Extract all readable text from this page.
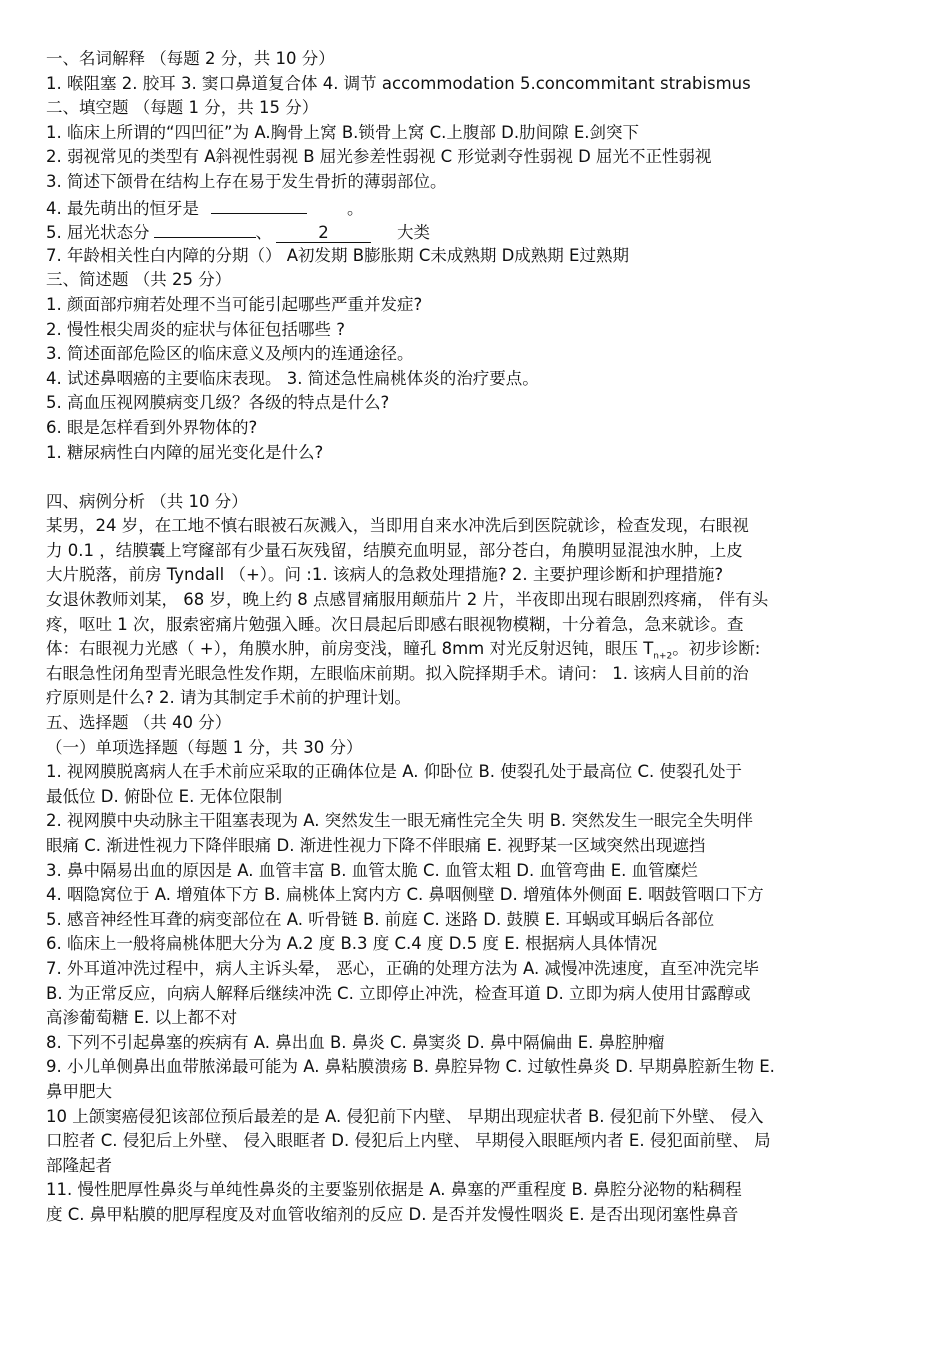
一、名词解释 （每题 2 分，共 10 分）
1. 喉阻塞 2. 胶耳 3. 窦口鼻道复合体 4. 调节 accommodation 5.concommitant strabismus
二、填空题 （每题 1 分，共 15 分）
1. 临床上所谓的“四凹征”为 A.胸骨上窝 B.锁骨上窝 C.上腹部 D.肋间隙 E.剑突下
2. 弱视常见的类型有 A斜视性弱视 B 屈光参差性弱视 C 形觉剥夺性弱视 D 屈光不正性弱视
3. 简述下颌骨在结构上存在易于发生骨折的薄弱部位。
4. 最先萌出的恒牙是	。
5. 屈光状态分	、	2	大类
7. 年龄相关性白内障的分期（） A初发期 B膨胀期 C未成熟期 D成熟期 E过熟期
三、简述题 （共 25 分）
1. 颜面部疖痈若处理不当可能引起哪些严重并发症?
2. 慢性根尖周炎的症状与体征包括哪些 ?
3. 简述面部危险区的临床意义及颅内的连通途径。
4. 试述鼻咽癌的主要临床表现。 3. 简述急性扁桃体炎的治疗要点。
5. 高血压视网膜病变几级？各级的特点是什么?
6. 眼是怎样看到外界物体的?
1. 糖尿病性白内障的屈光变化是什么?
四、病例分析 （共 10 分）
某男，24 岁，在工地不慎右眼被石灰溅入，当即用自来水冲洗后到医院就诊，检查发现，右眼视
力 0.1 ，结膜囊上穹窿部有少量石灰残留，结膜充血明显，部分苍白，角膜明显混浊水肿，上皮
大片脱落，前房 Tyndall （+）。问 :1. 该病人的急救处理措施? 2. 主要护理诊断和护理措施?
女退休教师刘某， 68 岁，晚上约 8 点感冒痛服用颠茄片 2 片，半夜即出现右眼剧烈疼痛， 伴有头
疼，呕吐 1 次，服索密痛片勉强入睡。次日晨起后即感右眼视物模糊，十分着急，急来就诊。查
体：右眼视力光感（ +），角膜水肿，前房变浅，瞳孔 8mm 对光反射迟钝，眼压 $T_{n+2}$。初步诊断:
右眼急性闭角型青光眼急性发作期，左眼临床前期。拟入院择期手术。请问： 1. 该病人目前的治
疗原则是什么? 2. 请为其制定手术前的护理计划。
五、选择题 （共 40 分）
（一）单项选择题（每题 1 分，共 30 分）
1. 视网膜脱离病人在手术前应采取的正确体位是 A. 仰卧位 B. 使裂孔处于最高位 C. 使裂孔处于
最低位 D. 俯卧位 E. 无体位限制
2. 视网膜中央动脉主干阻塞表现为 A. 突然发生一眼无痛性完全失 明 B. 突然发生一眼完全失明伴
眼痛 C. 渐进性视力下降伴眼痛 D. 渐进性视力下降不伴眼痛 E. 视野某一区域突然出现遮挡
3. 鼻中隔易出血的原因是 A. 血管丰富 B. 血管太脆 C. 血管太粗 D. 血管弯曲 E. 血管糜烂
4. 咽隐窝位于 A. 增殖体下方 B. 扁桃体上窝内方 C. 鼻咽侧壁 D. 增殖体外侧面 E. 咽鼓管咽口下方
5. 感音神经性耳聋的病变部位在 A. 听骨链 B. 前庭 C. 迷路 D. 鼓膜 E. 耳蜗或耳蜗后各部位
6. 临床上一般将扁桃体肥大分为 A.2 度 B.3 度 C.4 度 D.5 度 E. 根据病人具体情况
7. 外耳道冲洗过程中，病人主诉头晕， 恶心，正确的处理方法为 A. 减慢冲洗速度，直至冲洗完毕
B. 为正常反应，向病人解释后继续冲洗 C. 立即停止冲洗，检查耳道 D. 立即为病人使用甘露醇或
高渗葡萄糖 E. 以上都不对
8. 下列不引起鼻塞的疾病有 A. 鼻出血 B. 鼻炎 C. 鼻窦炎 D. 鼻中隔偏曲 E. 鼻腔肿瘤
9. 小儿单侧鼻出血带脓涕最可能为 A. 鼻粘膜溃疡 B. 鼻腔异物 C. 过敏性鼻炎 D. 早期鼻腔新生物 E.
鼻甲肥大
10 上颌窦癌侵犯该部位预后最差的是 A. 侵犯前下内壁、 早期出现症状者 B. 侵犯前下外壁、 侵入
口腔者 C. 侵犯后上外壁、 侵入眼眶者 D. 侵犯后上内壁、 早期侵入眼眶颅内者 E. 侵犯面前壁、 局
部隆起者
11. 慢性肥厚性鼻炎与单纯性鼻炎的主要鉴别依据是 A. 鼻塞的严重程度 B. 鼻腔分泌物的粘稠程
度 C. 鼻甲粘膜的肥厚程度及对血管收缩剂的反应 D. 是否并发慢性咽炎 E. 是否出现闭塞性鼻音
